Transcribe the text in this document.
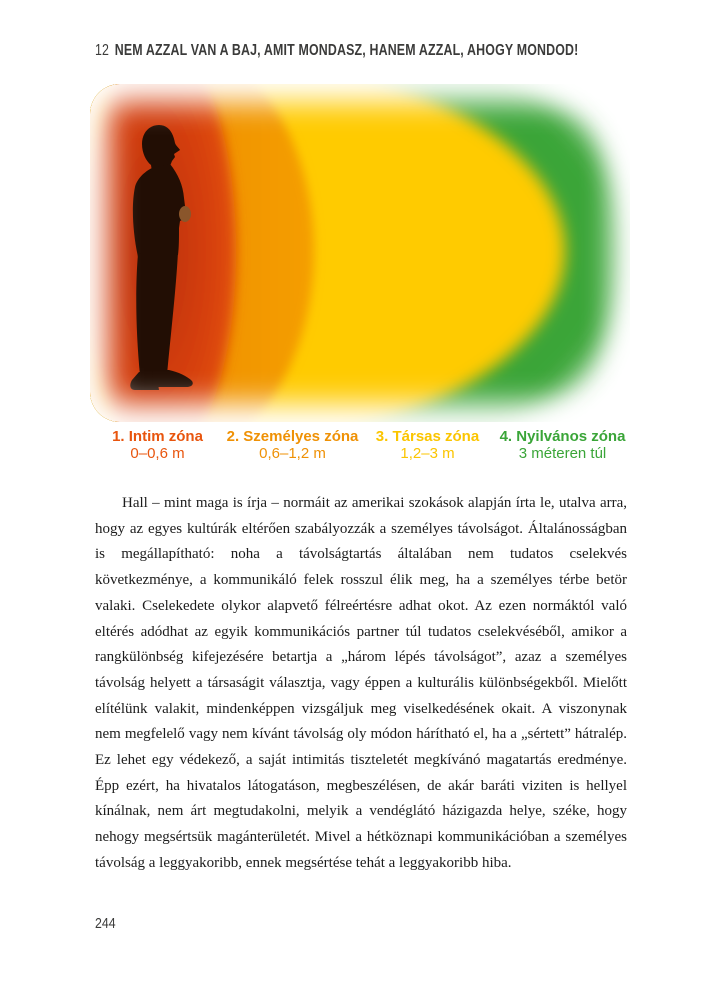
12 NEM AZZAL VAN A BAJ, AMIT MONDASZ, HANEM AZZAL, AHOGY MONDOD!
1. Intim zóna
0–0,6 m
2. Személyes zóna
0,6–1,2 m
3. Társas zóna
1,2–3 m
4. Nyilvános zóna
3 méteren túl

Hall – mint maga is írja – normáit az amerikai szokások alapján írta le, utalva arra, hogy az egyes kultúrák eltérően szabályozzák a személyes távolságot. Általánosságban is megállapítható: noha a távolságtartás általában nem tudatos cselekvés következménye, a kommunikáló felek rosszul élik meg, ha a személyes térbe betör valaki. Cselekedete olykor alapvető félreértésre adhat okot. Az ezen normáktól való eltérés adódhat az egyik kommunikációs partner túl tudatos cselekvéséből, amikor a rangkülönbség kifejezésére betartja a „három lépés távolságot”, azaz a személyes távolság helyett a társaságit választja, vagy éppen a kulturális különbségekből. Mielőtt elítélünk valakit, mindenképpen vizsgáljuk meg viselkedésének okait. A viszonynak nem megfelelő vagy nem kívánt távolság oly módon hárítható el, ha a „sértett” hátralép. Ez lehet egy védekező, a saját intimitás tiszteletét megkívánó magatartás eredménye. Épp ezért, ha hivatalos látogatáson, megbeszélésen, de akár baráti viziten is hellyel kínálnak, nem árt megtudakolni, melyik a vendéglátó házigazda helye, széke, hogy nehogy megsértsük magánterületét. Mivel a hétköznapi kommunikációban a személyes távolság a leggyakoribb, ennek megsértése tehát a leggyakoribb hiba.

244
